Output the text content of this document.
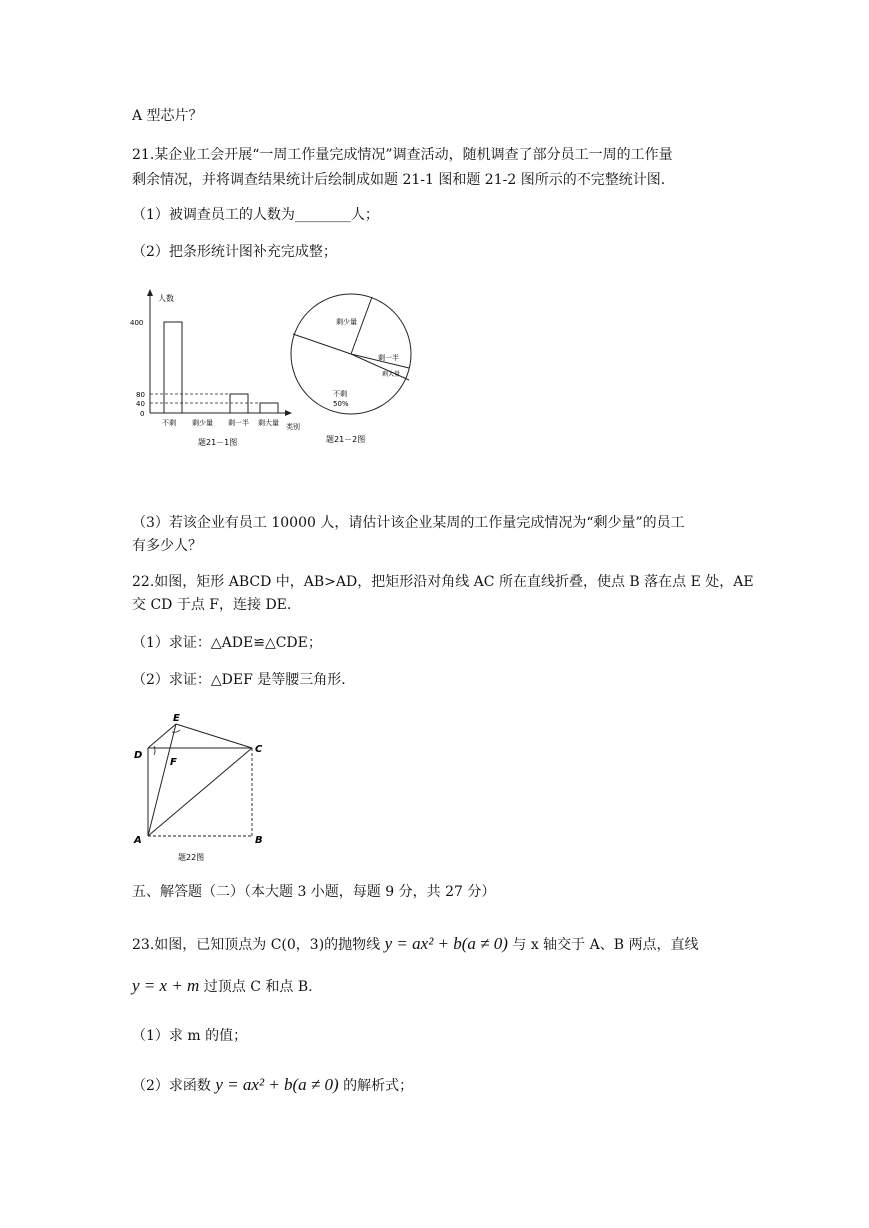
A 型芯片？
21.某企业工会开展“一周工作量完成情况”调查活动，随机调查了部分员工一周的工作量
剩余情况，并将调查结果统计后绘制成如题 21-1 图和题 21-2 图所示的不完整统计图.
（1）被调查员工的人数为________人；
（2）把条形统计图补充完成整；
人数
类别
400
80
40
0
不剩 剩少量 剩一半 剩大量
题21－1图
剩少量
剩一半
剩大量
不剩
50%
题21－2图
（3）若该企业有员工 10000 人，请估计该企业某周的工作量完成情况为“剩少量”的员工
有多少人？
22.如图，矩形 ABCD 中，AB>AD，把矩形沿对角线 AC 所在直线折叠，使点 B 落在点 E 处，AE
交 CD 于点 F，连接 DE.
（1）求证：△ADE≌△CDE；
（2）求证：△DEF 是等腰三角形.
E
C
D
F
A	B
题22图
五、解答题（二）（本大题 3 小题，每题 9 分，共 27 分）
23.如图，已知顶点为 C(0，3)的抛物线 y = ax² + b(a ≠ 0) 与 x 轴交于 A、B 两点，直线
y = x + m 过顶点 C 和点 B.
（1）求 m 的值；
（2）求函数 y = ax² + b(a ≠ 0) 的解析式；
